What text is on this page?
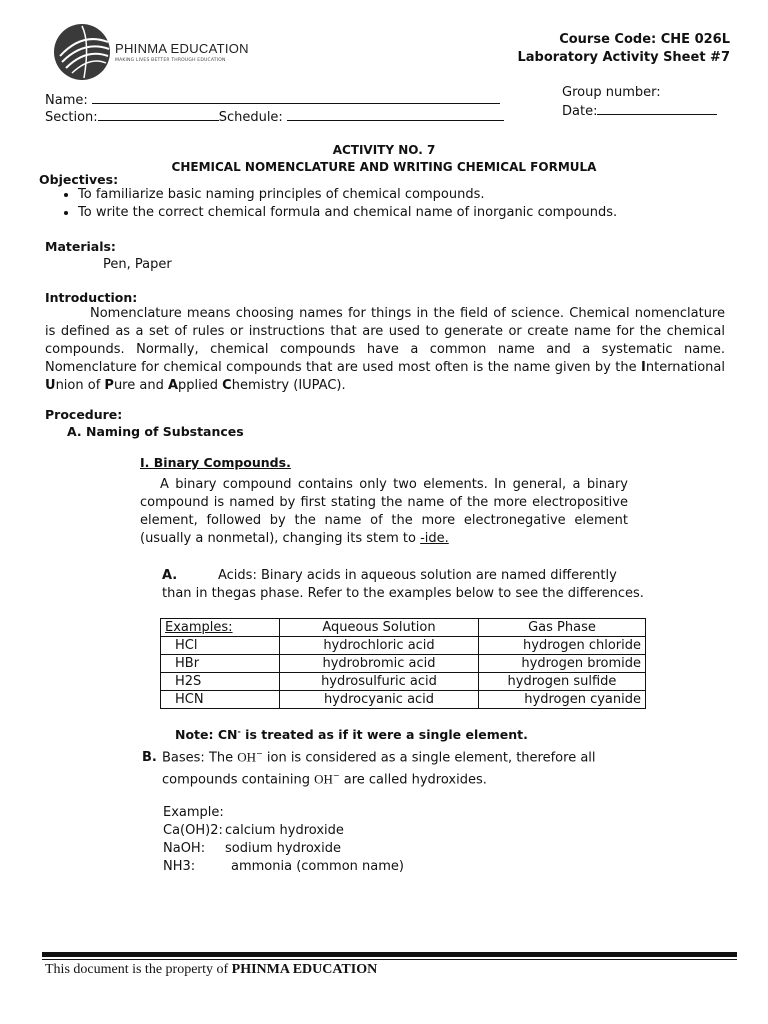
PHINMA EDUCATION
MAKING LIVES BETTER THROUGH EDUCATION
Course Code: CHE 026L
Laboratory Activity Sheet #7
Name:
Section:	Schedule:
Group number:
Date:
ACTIVITY NO. 7
CHEMICAL NOMENCLATURE AND WRITING CHEMICAL FORMULA
Objectives:
• To familiarize basic naming principles of chemical compounds.
• To write the correct chemical formula and chemical name of inorganic compounds.
Materials:
Pen, Paper
Introduction:

Nomenclature means choosing names for things in the field of science. Chemical nomenclature is defined as a set of rules or instructions that are used to generate or create name for the chemical compounds. Normally, chemical compounds have a common name and a systematic name. Nomenclature for chemical compounds that are used most often is the name given by the International Union of Pure and Applied Chemistry (IUPAC).

Procedure:
A. Naming of Substances
I. Binary Compounds.

A binary compound contains only two elements. In general, a binary compound is named by first stating the name of the more electropositive element, followed by the name of the more electronegative element (usually a nonmetal), changing its stem to -ide.

A.	Acids: Binary acids in aqueous solution are named differently
than in thegas phase. Refer to the examples below to see the differences.
Examples:	Aqueous Solution	Gas Phase
HCl	hydrochloric acid	hydrogen chloride
HBr	hydrobromic acid	hydrogen bromide
H2S	hydrosulfuric acid	hydrogen sulfide
HCN	hydrocyanic acid	hydrogen cyanide
Note: CN- is treated as if it were a single element.
B. Bases: The OH− ion is considered as a single element, therefore all
compounds containing OH− are called hydroxides.
Example:
Ca(OH)2: calcium hydroxide
NaOH: sodium hydroxide
NH3:	ammonia (common name)
This document is the property of PHINMA EDUCATION
